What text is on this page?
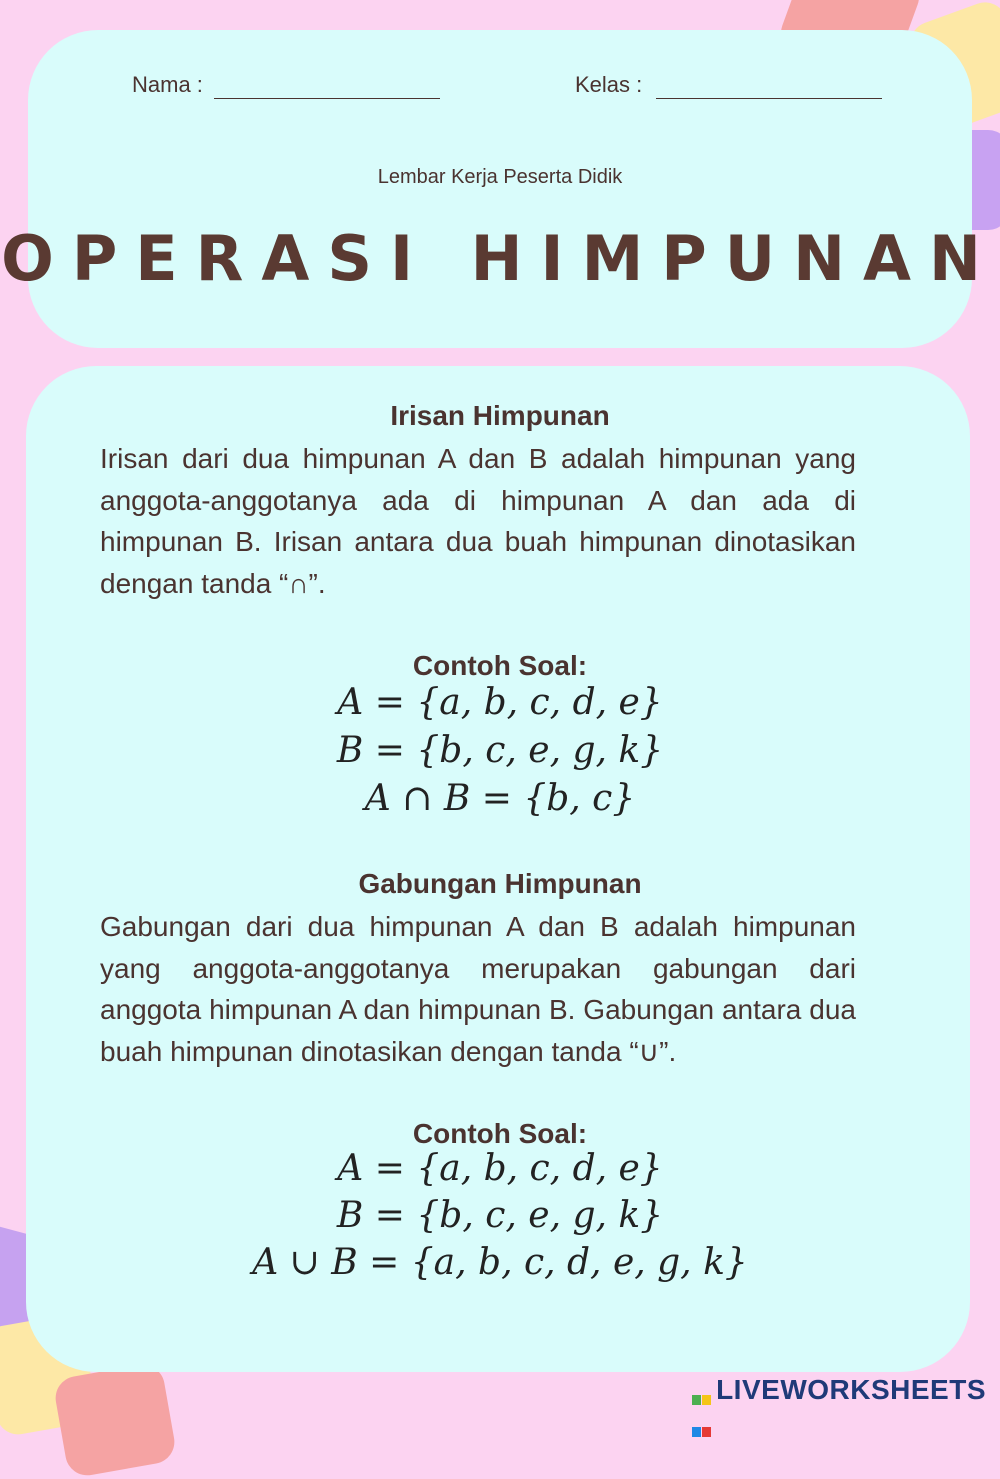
Nama :	Kelas :
Lembar Kerja Peserta Didik
OPERASI HIMPUNAN
Irisan Himpunan
Irisan dari dua himpunan A dan B adalah himpunan yang anggota-anggotanya ada di himpunan A dan ada di himpunan B. Irisan antara dua buah himpunan dinotasikan dengan tanda “∩”.
Contoh Soal:
A = {a, b, c, d, e}
B = {b, c, e, g, k}
A ∩ B = {b, c}
Gabungan Himpunan
Gabungan dari dua himpunan A dan B adalah himpunan yang anggota-anggotanya merupakan gabungan dari anggota himpunan A dan himpunan B. Gabungan antara dua buah himpunan dinotasikan dengan tanda “∪”.
Contoh Soal:
A = {a, b, c, d, e}
B = {b, c, e, g, k}
A ∪ B = {a, b, c, d, e, g, k}
LIVEWORKSHEETS
